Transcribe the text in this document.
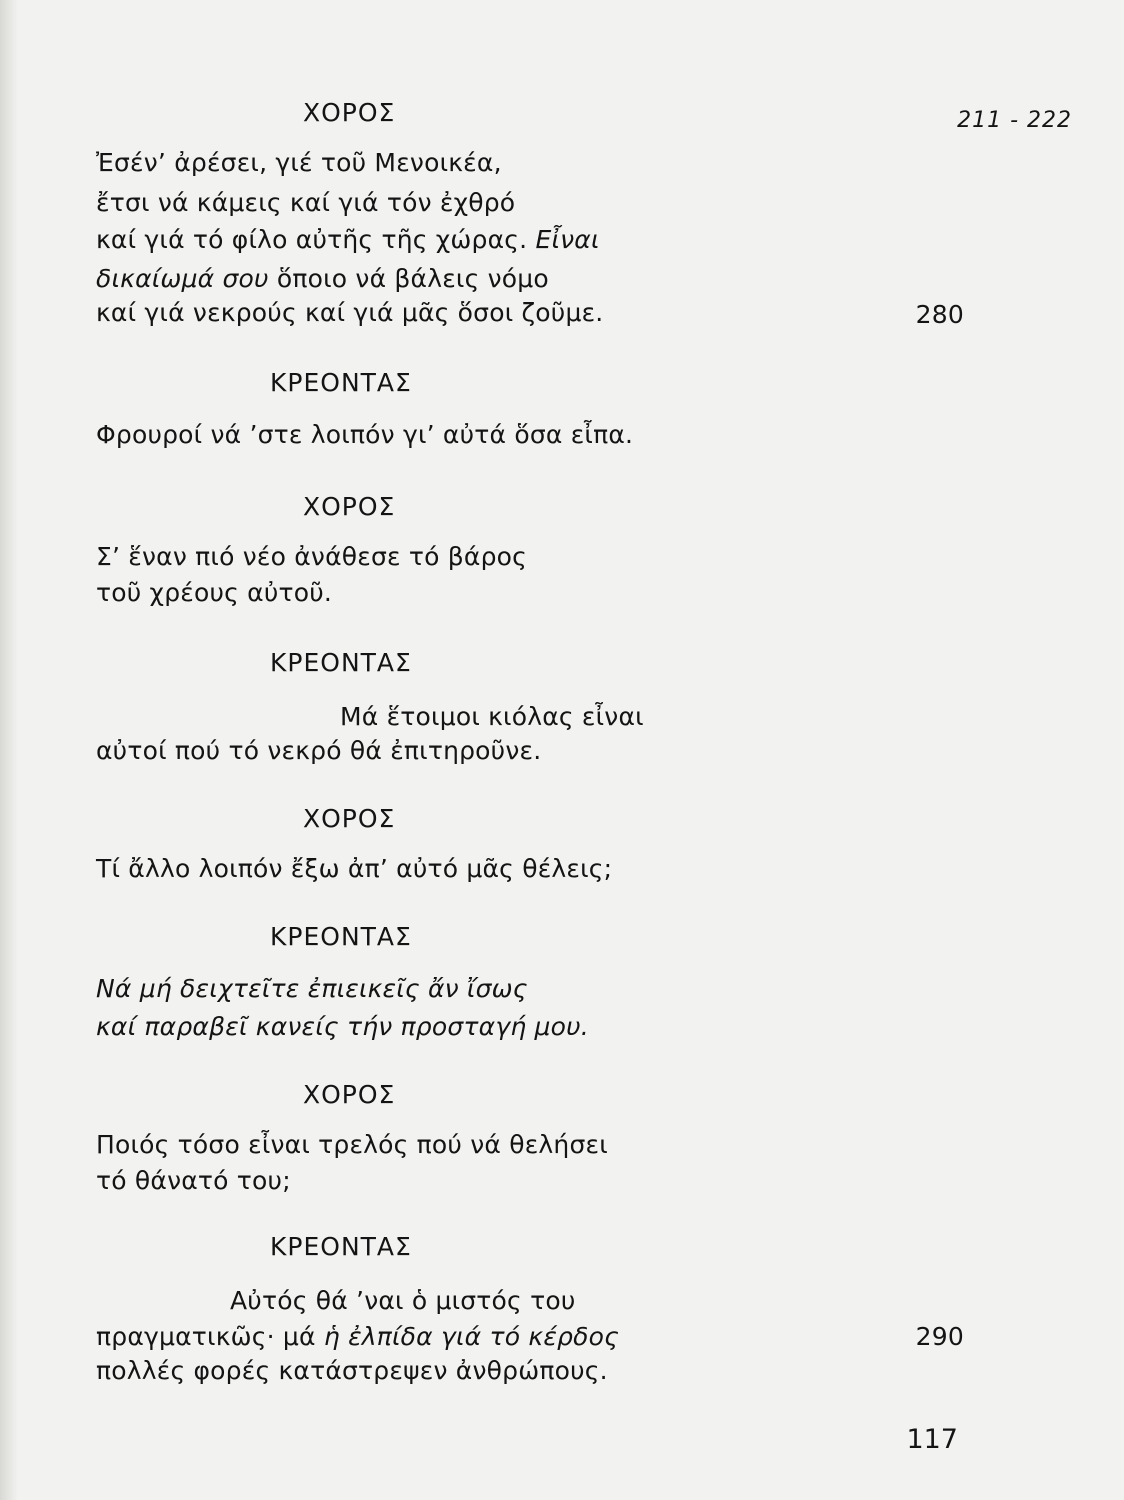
211 - 222
ΧΟΡΟΣ
Ἐσέν’ ἀρέσει, γιέ τοῦ Μενοικέα,
ἔτσι νά κάμεις καί γιά τόν ἐχθρό
καί γιά τό φίλο αὐτῆς τῆς χώρας. Εἶναι
δικαίωμά σου ὅποιο νά βάλεις νόμο
καί γιά νεκρούς καί γιά μᾶς ὅσοι ζοῦμε.	280
ΚΡΕΟΝΤΑΣ
Φρουροί νά ’στε λοιπόν γι’ αὐτά ὅσα εἶπα.
ΧΟΡΟΣ
Σ’ ἕναν πιό νέο ἀνάθεσε τό βάρος
τοῦ χρέους αὐτοῦ.
ΚΡΕΟΝΤΑΣ
Μά ἕτοιμοι κιόλας εἶναι
αὐτοί πού τό νεκρό θά ἐπιτηροῦνε.
ΧΟΡΟΣ
Τί ἄλλο λοιπόν ἔξω ἀπ’ αὐτό μᾶς θέλεις;
ΚΡΕΟΝΤΑΣ
Νά μή δειχτεῖτε ἐπιεικεῖς ἄν ἴσως
καί παραβεῖ κανείς τήν προσταγή μου.
ΧΟΡΟΣ
Ποιός τόσο εἶναι τρελός πού νά θελήσει
τό θάνατό του;
ΚΡΕΟΝΤΑΣ
Αὐτός θά ’ναι ὁ μιστός του
πραγματικῶς· μά ἡ ἐλπίδα γιά τό κέρδος	290
πολλές φορές κατάστρεψεν ἀνθρώπους.
117
